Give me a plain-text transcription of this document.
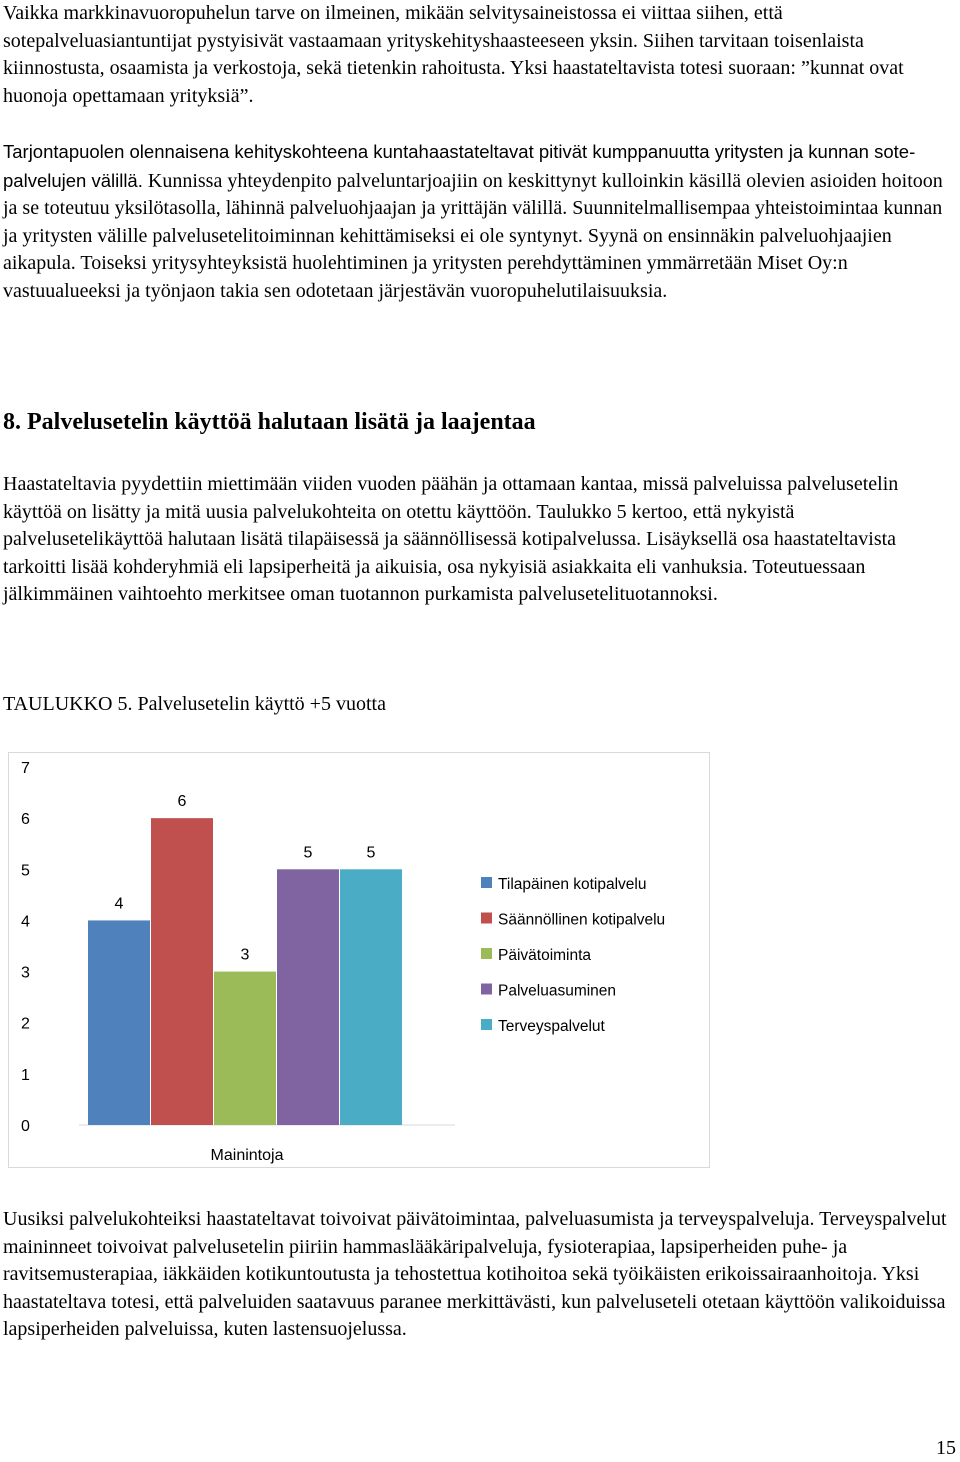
Vaikka markkinavuoropuhelun tarve on ilmeinen, mikään selvitysaineistossa ei viittaa siihen, että sotepalveluasiantuntijat pystyisivät vastaamaan yrityskehityshaasteeseen yksin. Siihen tarvitaan toisenlaista kiinnostusta, osaamista ja verkostoja, sekä tietenkin rahoitusta. Yksi haastateltavista totesi suoraan: ”kunnat ovat huonoja opettamaan yrityksiä”.

Tarjontapuolen olennaisena kehityskohteena kuntahaastateltavat pitivät kumppanuutta yritysten ja kunnan sote-palvelujen välillä. Kunnissa yhteydenpito palveluntarjoajiin on keskittynyt kulloinkin käsillä olevien asioiden hoitoon ja se toteutuu yksilötasolla, lähinnä palveluohjaajan ja yrittäjän välillä. Suunnitelmallisempaa yhteistoimintaa kunnan ja yritysten välille palvelusetelitoiminnan kehittämiseksi ei ole syntynyt. Syynä on ensinnäkin palveluohjaajien aikapula. Toiseksi yritysyhteyksistä huolehtiminen ja yritysten perehdyttäminen ymmärretään Miset Oy:n vastuualueeksi ja työnjaon takia sen odotetaan järjestävän vuoropuhelutilaisuuksia.

8. Palvelusetelin käyttöä halutaan lisätä ja laajentaa

Haastateltavia pyydettiin miettimään viiden vuoden päähän ja ottamaan kantaa, missä palveluissa palvelusetelin käyttöä on lisätty ja mitä uusia palvelukohteita on otettu käyttöön. Taulukko 5 kertoo, että nykyistä palvelusetelikäyttöä halutaan lisätä tilapäisessä ja säännöllisessä kotipalvelussa. Lisäyksellä osa haastateltavista tarkoitti lisää kohderyhmiä eli lapsiperheitä ja aikuisia, osa nykyisiä asiakkaita eli vanhuksia. Toteutuessaan jälkimmäinen vaihtoehto merkitsee oman tuotannon purkamista palvelusetelituotannoksi.

TAULUKKO 5. Palvelusetelin käyttö +5 vuotta

0
1
2
3
4
5
6
7
4
6
3
5	5
Mainintoja
Tilapäinen kotipalvelu
Säännöllinen kotipalvelu
Päivätoiminta
Palveluasuminen
Terveyspalvelut

Uusiksi palvelukohteiksi haastateltavat toivoivat päivätoimintaa, palveluasumista ja terveyspalveluja. Terveyspalvelut maininneet toivoivat palvelusetelin piiriin hammaslääkäripalveluja, fysioterapiaa, lapsiperheiden puhe- ja ravitsemusterapiaa, iäkkäiden kotikuntoutusta ja tehostettua kotihoitoa sekä työikäisten erikoissairaanhoitoja. Yksi haastateltava totesi, että palveluiden saatavuus paranee merkittävästi, kun palveluseteli otetaan käyttöön valikoiduissa lapsiperheiden palveluissa, kuten lastensuojelussa.

15
